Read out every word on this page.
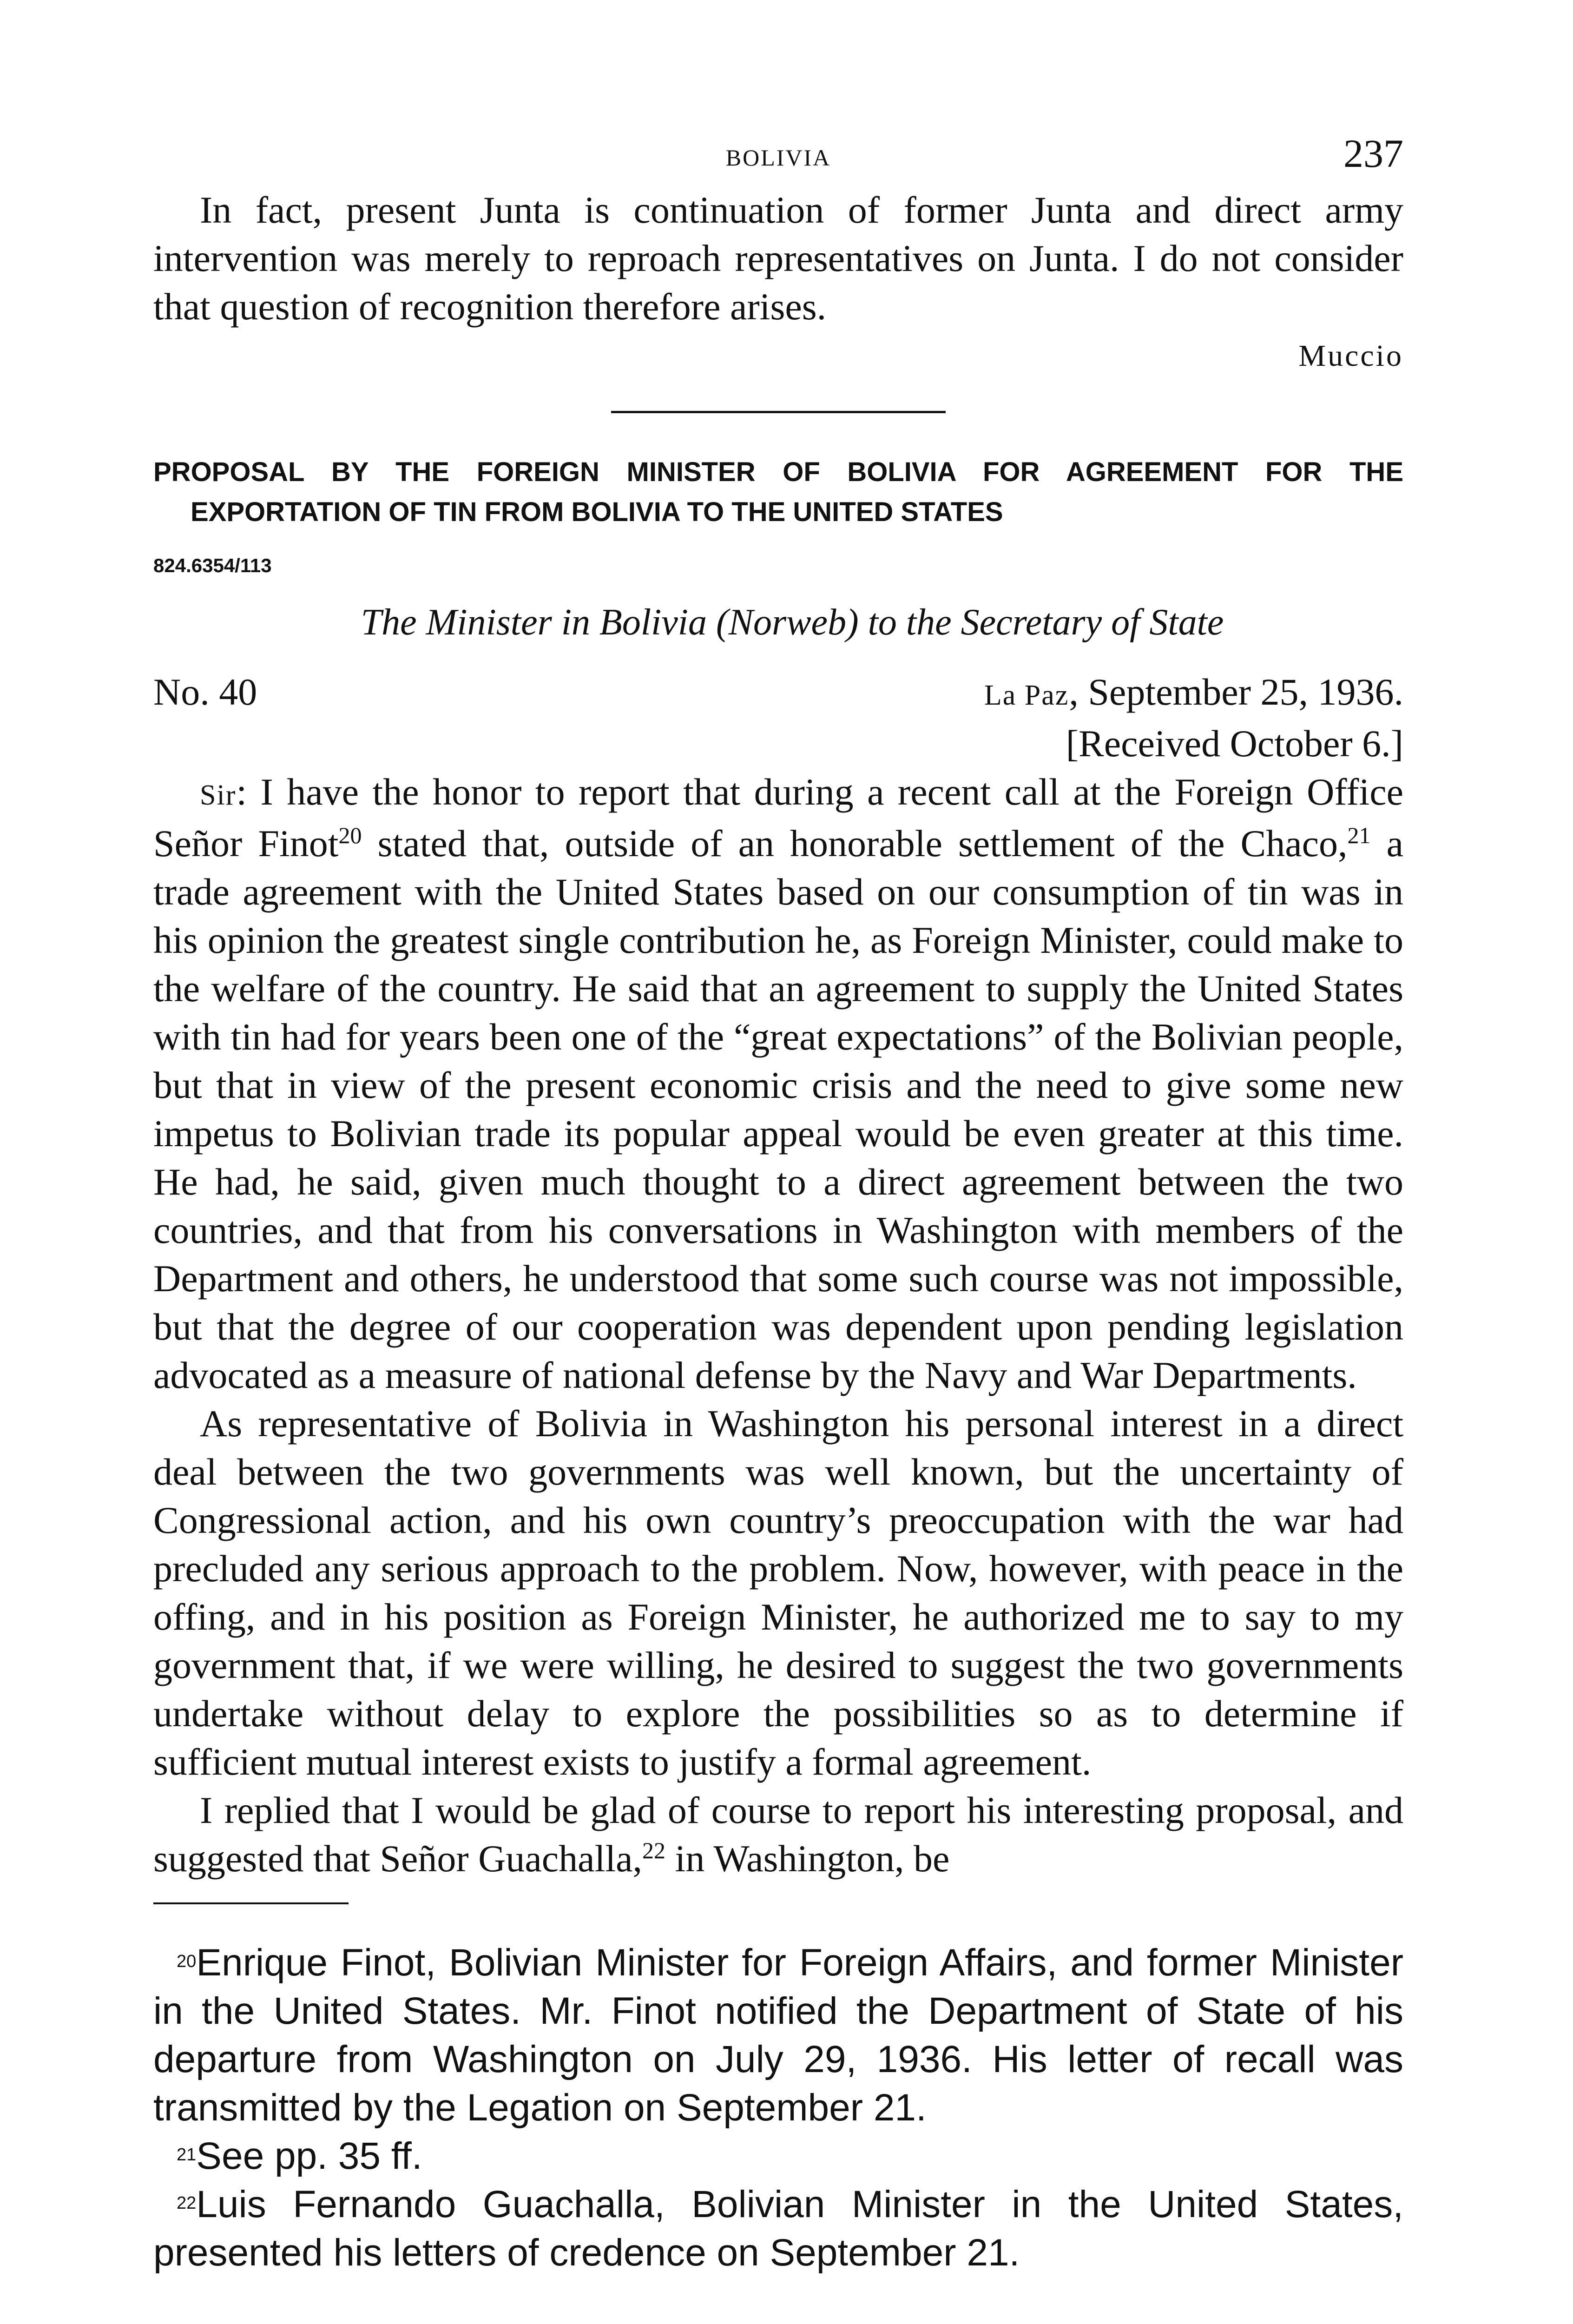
BOLIVIA	237

In fact, present Junta is continuation of former Junta and direct army intervention was merely to reproach representatives on Junta. I do not consider that question of recognition therefore arises.

Muccio
PROPOSAL BY THE FOREIGN MINISTER OF BOLIVIA FOR AGREEMENT FOR THE EXPORTATION OF TIN FROM BOLIVIA TO THE UNITED STATES
824.6354/113
The Minister in Bolivia (Norweb) to the Secretary of State
No. 40	La Paz, September 25, 1936.
[Received October 6.]

Sir: I have the honor to report that during a recent call at the Foreign Office Señor Finot$^{20}$ stated that, outside of an honorable settlement of the Chaco,$^{21}$ a trade agreement with the United States based on our consumption of tin was in his opinion the greatest single contribution he, as Foreign Minister, could make to the welfare of the country. He said that an agreement to supply the United States with tin had for years been one of the “great expectations” of the Bolivian people, but that in view of the present economic crisis and the need to give some new impetus to Bolivian trade its popular appeal would be even greater at this time. He had, he said, given much thought to a direct agreement between the two countries, and that from his conversations in Washington with members of the Department and others, he understood that some such course was not impossible, but that the degree of our cooperation was dependent upon pending legislation advocated as a measure of national defense by the Navy and War Departments.

As representative of Bolivia in Washington his personal interest in a direct deal between the two governments was well known, but the uncertainty of Congressional action, and his own country’s preoccupation with the war had precluded any serious approach to the problem. Now, however, with peace in the offing, and in his position as Foreign Minister, he authorized me to say to my government that, if we were willing, he desired to suggest the two governments undertake without delay to explore the possibilities so as to determine if sufficient mutual interest exists to justify a formal agreement.

I replied that I would be glad of course to report his interesting proposal, and suggested that Señor Guachalla,$^{22}$ in Washington, be

$^{20}$Enrique Finot, Bolivian Minister for Foreign Affairs, and former Minister in the United States. Mr. Finot notified the Department of State of his departure from Washington on July 29, 1936. His letter of recall was transmitted by the Legation on September 21.

$^{21}$See pp. 35 ff.

$^{22}$Luis Fernando Guachalla, Bolivian Minister in the United States, presented his letters of credence on September 21.
